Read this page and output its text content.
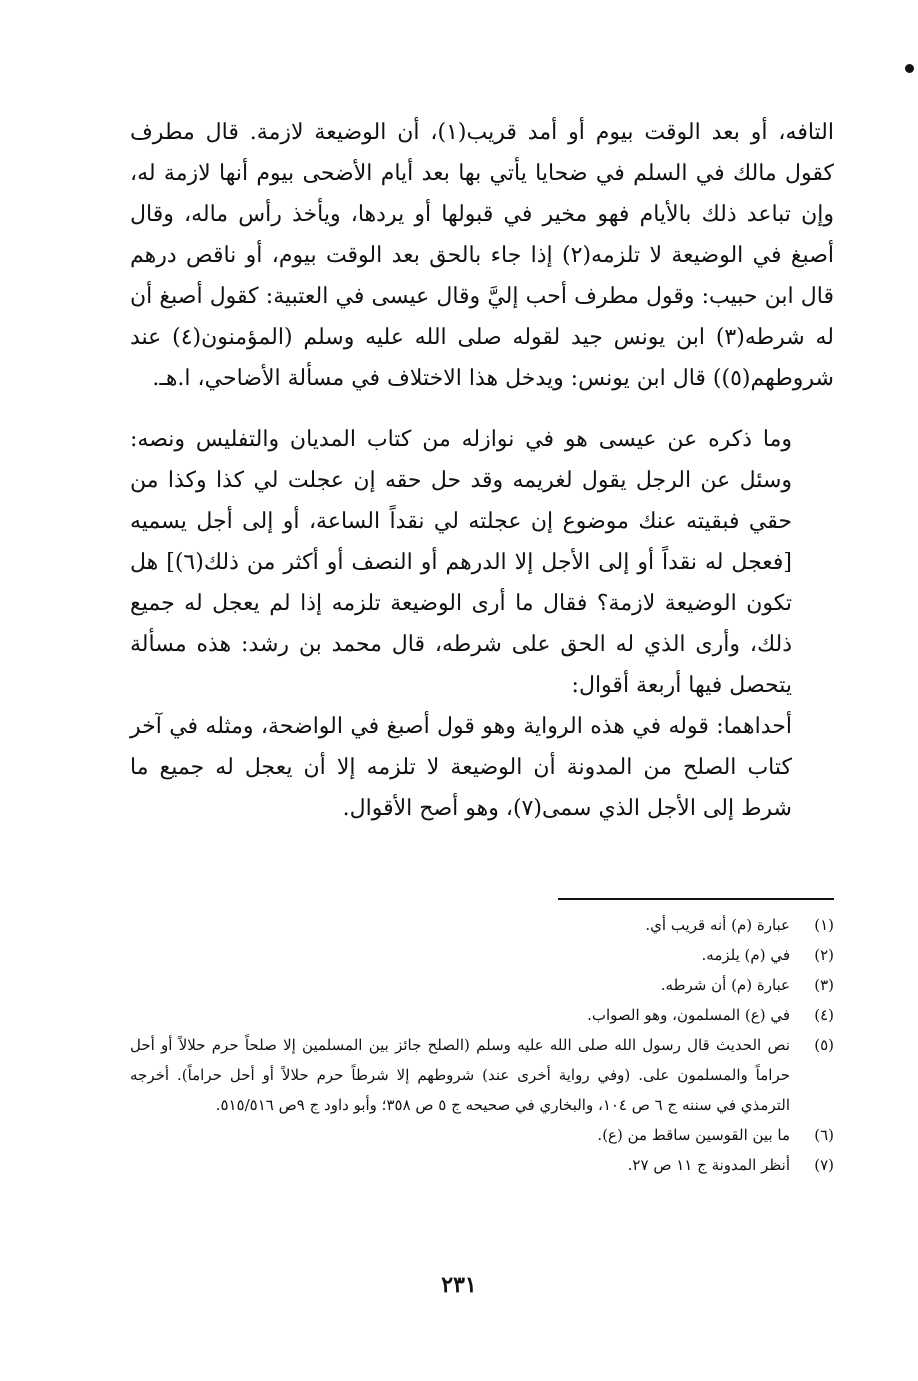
التافه، أو بعد الوقت بيوم أو أمد قريب(١)، أن الوضيعة لازمة. قال مطرف كقول مالك في السلم في ضحايا يأتي بها بعد أيام الأضحى بيوم أنها لازمة له، وإن تباعد ذلك بالأيام فهو مخير في قبولها أو يردها، ويأخذ رأس ماله، وقال أصبغ في الوضيعة لا تلزمه(٢) إذا جاء بالحق بعد الوقت بيوم، أو ناقص درهم قال ابن حبيب: وقول مطرف أحب إليَّ وقال عيسى في العتبية: كقول أصبغ أن له شرطه(٣) ابن يونس جيد لقوله صلى الله عليه وسلم (المؤمنون(٤) عند شروطهم(٥)) قال ابن يونس: ويدخل هذا الاختلاف في مسألة الأضاحي، ا.هـ.

وما ذكره عن عيسى هو في نوازله من كتاب المديان والتفليس ونصه: وسئل عن الرجل يقول لغريمه وقد حل حقه إن عجلت لي كذا وكذا من حقي فبقيته عنك موضوع إن عجلته لي نقداً الساعة، أو إلى أجل يسميه [فعجل له نقداً أو إلى الأجل إلا الدرهم أو النصف أو أكثر من ذلك(٦)] هل تكون الوضيعة لازمة؟ فقال ما أرى الوضيعة تلزمه إذا لم يعجل له جميع ذلك، وأرى الذي له الحق على شرطه، قال محمد بن رشد: هذه مسألة يتحصل فيها أربعة أقوال:

أحداهما: قوله في هذه الرواية وهو قول أصبغ في الواضحة، ومثله في آخر كتاب الصلح من المدونة أن الوضيعة لا تلزمه إلا أن يعجل له جميع ما شرط إلى الأجل الذي سمى(٧)، وهو أصح الأقوال.

(١)
عبارة (م) أنه قريب أي.
(٢)
في (م) يلزمه.
(٣)
عبارة (م) أن شرطه.
(٤)
في (ع) المسلمون، وهو الصواب.
(٥)
نص الحديث قال رسول الله صلى الله عليه وسلم (الصلح جائز بين المسلمين إلا صلحاً حرم حلالاً أو أحل حراماً والمسلمون على. (وفي رواية أخرى عند) شروطهم إلا شرطاً حرم حلالاً أو أحل حراماً). أخرجه الترمذي في سننه ج ٦ ص ١٠٤، والبخاري في صحيحه ج ٥ ص ٣٥٨؛ وأبو داود ج ٩ص ٥١٥/٥١٦.
(٦)
ما بين القوسين ساقط من (ع).
(٧)
أنظر المدونة ج ١١ ص ٢٧.
٢٣١
